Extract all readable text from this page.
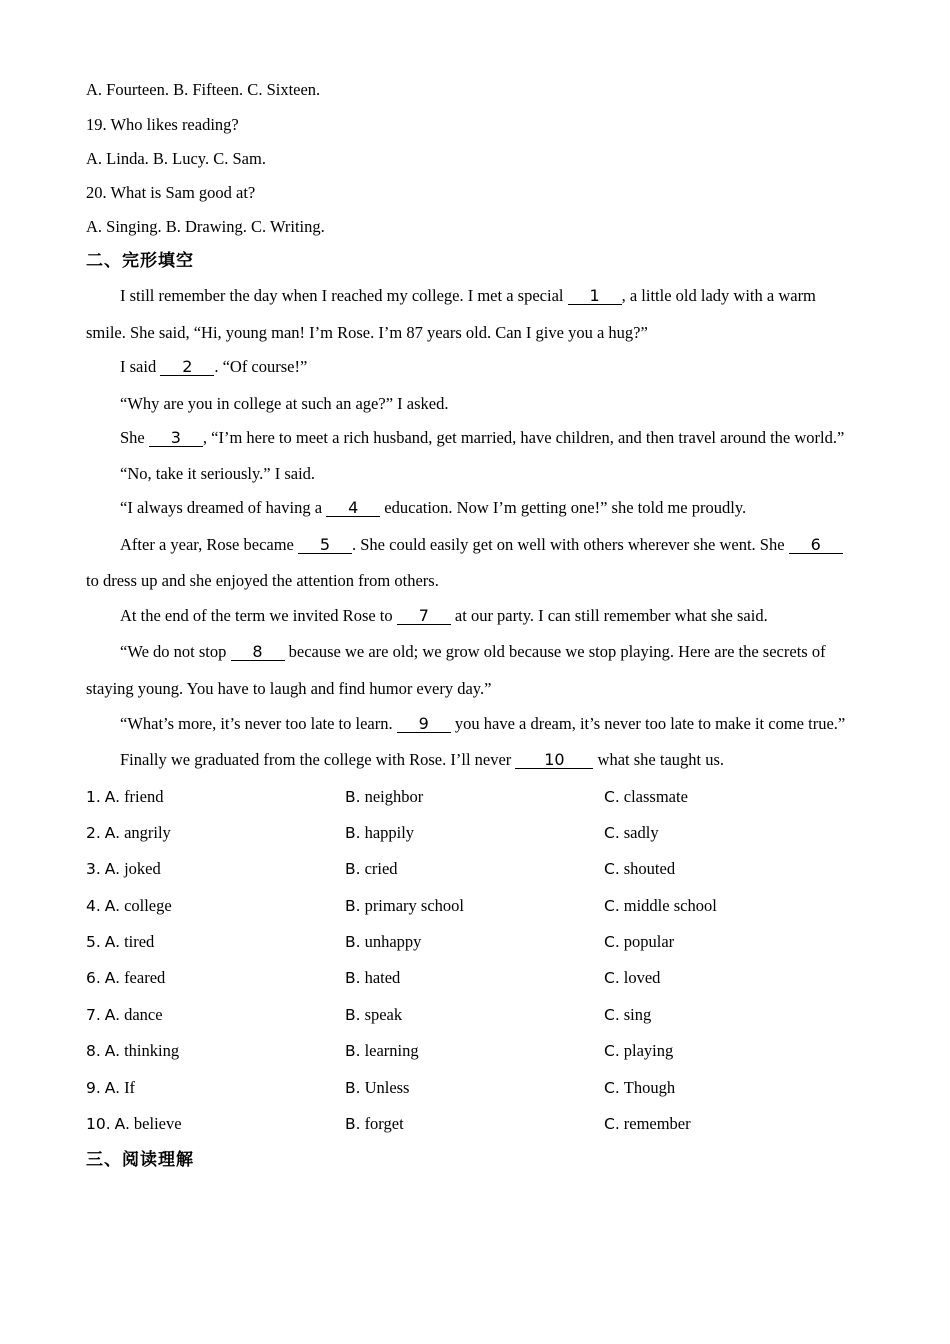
A. Fourteen. B. Fifteen. C. Sixteen.
19. Who likes reading?
A. Linda. B. Lucy. C. Sam.
20. What is Sam good at?
A. Singing. B. Drawing. C. Writing.
二、完形填空
I still remember the day when I reached my college. I met a special 1 , a little old lady with a warm
smile. She said, “Hi, young man! I’m Rose. I’m 87 years old. Can I give you a hug?”
I said 2 . “Of course!”
“Why are you in college at such an age?” I asked.
She 3 , “I’m here to meet a rich husband, get married, have children, and then travel around the world.”
“No, take it seriously.” I said.
“I always dreamed of having a 4 education. Now I’m getting one!” she told me proudly.
After a year, Rose became 5 . She could easily get on well with others wherever she went. She 6
to dress up and she enjoyed the attention from others.
At the end of the term we invited Rose to 7 at our party. I can still remember what she said.
“We do not stop 8 because we are old; we grow old because we stop playing. Here are the secrets of
staying young. You have to laugh and find humor every day.”
“What’s more, it’s never too late to learn. 9 you have a dream, it’s never too late to make it come true.”
Finally we graduated from the college with Rose. I’ll never 10 what she taught us.
1. A. friend	B. neighbor	C. classmate
2. A. angrily	B. happily	C. sadly
3. A. joked	B. cried	C. shouted
4. A. college	B. primary school	C. middle school
5. A. tired	B. unhappy	C. popular
6. A. feared	B. hated	C. loved
7. A. dance	B. speak	C. sing
8. A. thinking	B. learning	C. playing
9. A. If	B. Unless	C. Though
10. A. believe	B. forget	C. remember
三、阅读理解
